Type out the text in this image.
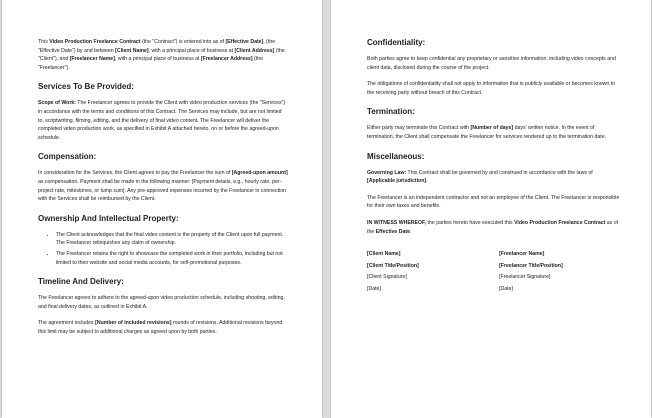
This Video Production Freelance Contract (the "Contract") is entered into as of [Effective Date], (the "Effective Date") by and between [Client Name], with a principal place of business at [Client Address] (the "Client"), and [Freelancer Name], with a principal place of business at [Freelancer Address] (the "Freelancer").

Services To Be Provided:

Scope of Work: The Freelancer agrees to provide the Client with video production services (the "Services") in accordance with the terms and conditions of this Contract. The Services may include, but are not limited to, scriptwriting, filming, editing, and the delivery of final video content. The Freelancer will deliver the completed video production work, as specified in Exhibit A attached hereto, on or before the agreed-upon schedule.

Compensation:

In consideration for the Services, the Client agrees to pay the Freelancer the sum of [Agreed-upon amount] as compensation. Payment shall be made in the following manner: [Payment details, e.g., hourly rate, per-project rate, milestones, or lump sum]. Any pre-approved expenses incurred by the Freelancer in connection with the Services shall be reimbursed by the Client.

Ownership And Intellectual Property:
• The Client acknowledges that the final video content is the property of the Client upon full payment. The Freelancer relinquishes any claim of ownership.
• The Freelancer retains the right to showcase the completed work in their portfolio, including but not limited to their website and social media accounts, for self-promotional purposes.
Timeline And Delivery:

The Freelancer agrees to adhere to the agreed-upon video production schedule, including shooting, editing, and final delivery dates, as outlined in Exhibit A.

The agreement includes [Number of included revisions] rounds of revisions. Additional revisions beyond this limit may be subject to additional charges as agreed upon by both parties.

Confidentiality:

Both parties agree to keep confidential any proprietary or sensitive information, including video concepts and client data, disclosed during the course of the project.

The obligations of confidentiality shall not apply to information that is publicly available or becomes known to the receiving party without breach of this Contract.

Termination:

Either party may terminate this Contract with [Number of days] days' written notice. In the event of termination, the Client shall compensate the Freelancer for services rendered up to the termination date.

Miscellaneous:

Governing Law: This Contract shall be governed by and construed in accordance with the laws of [Applicable jurisdiction].

The Freelancer is an independent contractor and not an employee of the Client. The Freelancer is responsible for their own taxes and benefits.

IN WITNESS WHEREOF, the parties hereto have executed this Video Production Freelance Contract as of the Effective Date.

[Client Name]

[Client Title/Position]

[Client Signature]

[Date]

[Freelancer Name]

[Freelancer Title/Position]

[Freelancer Signature]

[Date]
